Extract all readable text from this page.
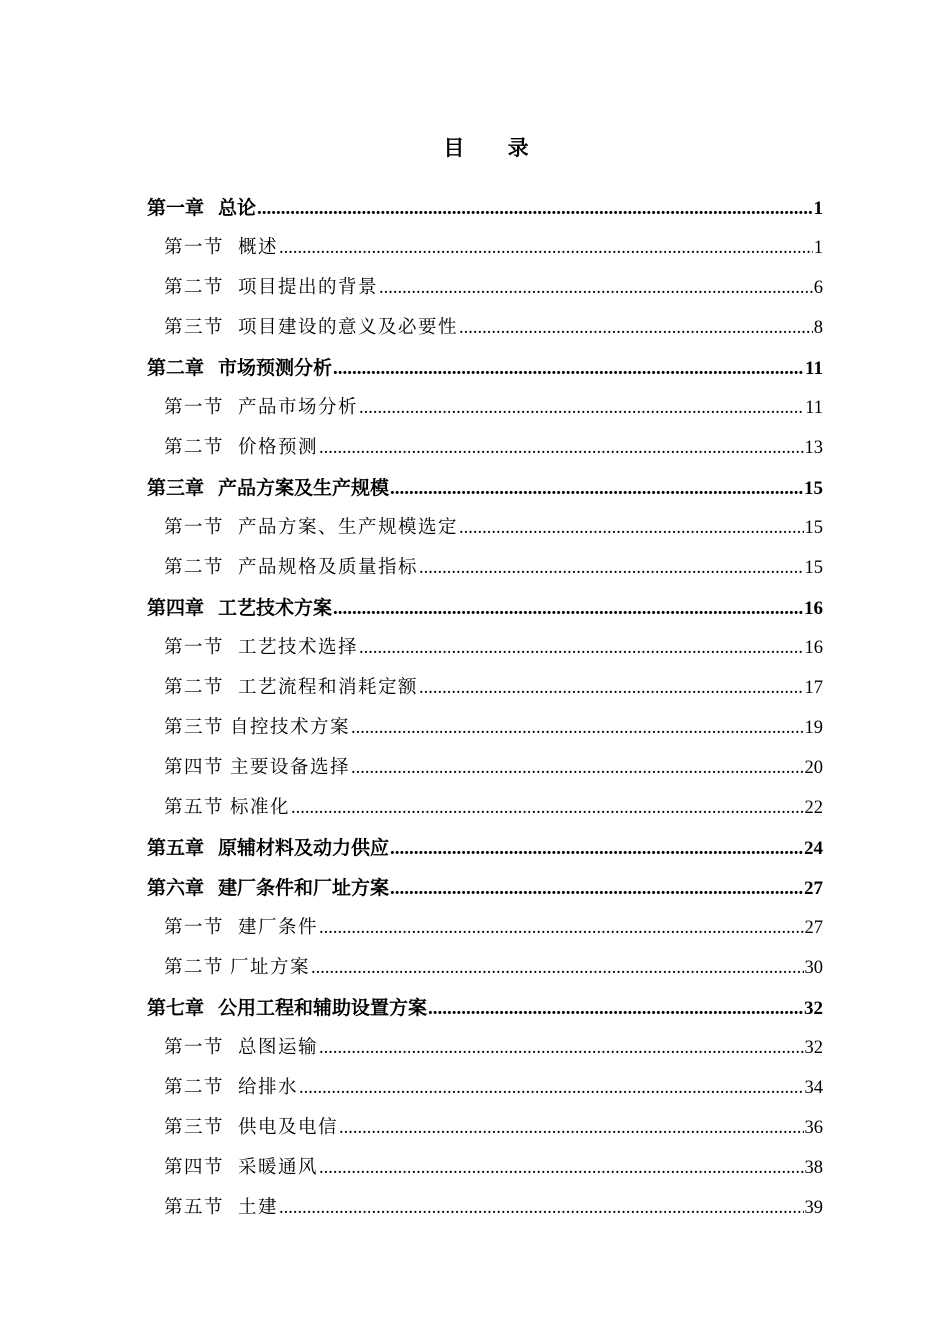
目 录
第一章 总论 .....	1
第一节 概述 .....	1
第二节 项目提出的背景 .....	6
第三节 项目建设的意义及必要性 .....	8
第二章 市场预测分析 .....	11
第一节 产品市场分析 .....	11
第二节 价格预测 .....	13
第三章 产品方案及生产规模 .....	15
第一节 产品方案、生产规模选定 .....	15
第二节 产品规格及质量指标 .....	15
第四章 工艺技术方案 .....	16
第一节 工艺技术选择 .....	16
第二节 工艺流程和消耗定额 .....	17
第三节 自控技术方案 .....	19
第四节 主要设备选择 .....	20
第五节 标准化 .....	22
第五章 原辅材料及动力供应 .....	24
第六章 建厂条件和厂址方案 .....	27
第一节 建厂条件 .....	27
第二节 厂址方案 .....	30
第七章 公用工程和辅助设置方案 .....	32
第一节 总图运输 .....	32
第二节 给排水 .....	34
第三节 供电及电信 .....	36
第四节 采暖通风 .....	38
第五节 土建 .....	39
